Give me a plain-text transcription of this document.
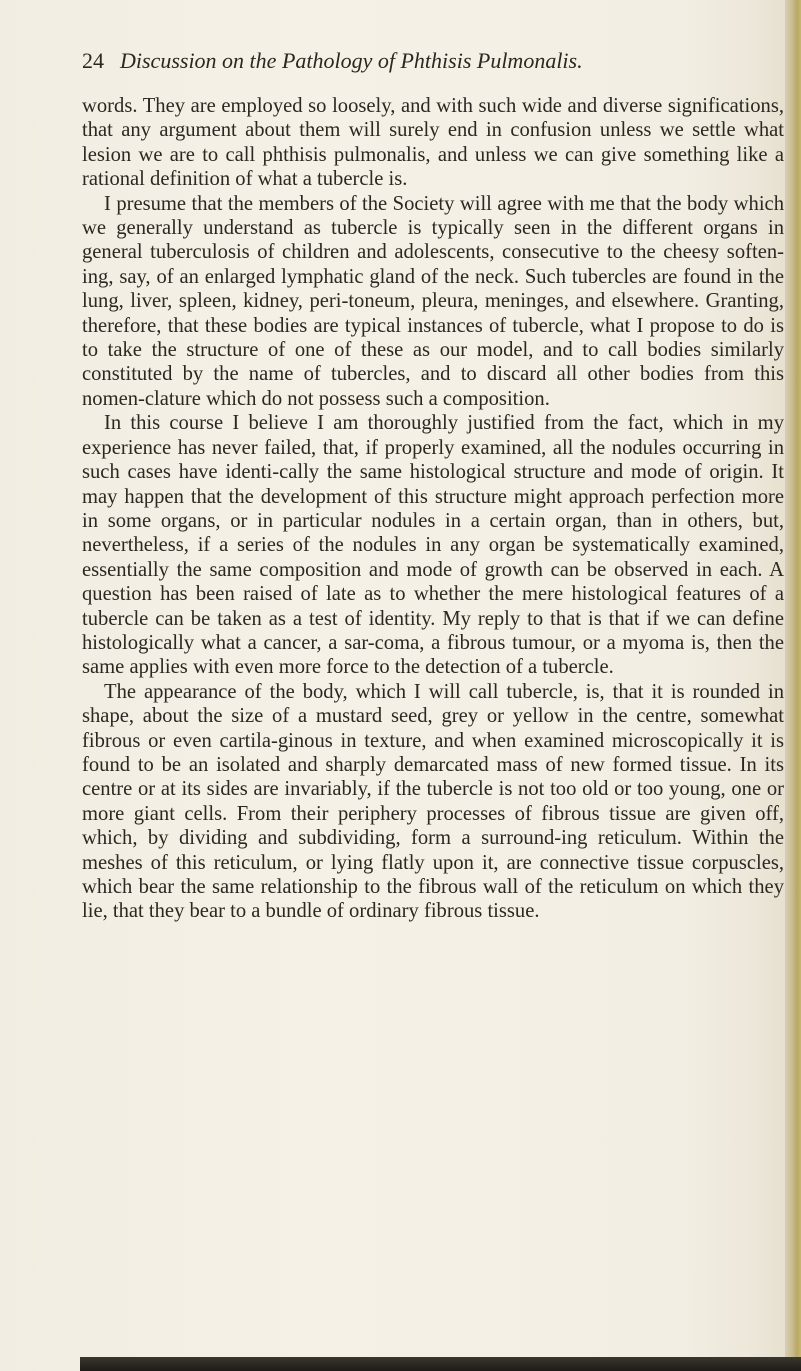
24 Discussion on the Pathology of Phthisis Pulmonalis.

words. They are employed so loosely, and with such wide and diverse significations, that any argument about them will surely end in confusion unless we settle what lesion we are to call phthisis pulmonalis, and unless we can give something like a rational definition of what a tubercle is.

I presume that the members of the Society will agree with me that the body which we generally understand as tubercle is typically seen in the different organs in general tuberculosis of children and adolescents, consecutive to the cheesy soften-ing, say, of an enlarged lymphatic gland of the neck. Such tubercles are found in the lung, liver, spleen, kidney, peri-toneum, pleura, meninges, and elsewhere. Granting, therefore, that these bodies are typical instances of tubercle, what I propose to do is to take the structure of one of these as our model, and to call bodies similarly constituted by the name of tubercles, and to discard all other bodies from this nomen-clature which do not possess such a composition.

In this course I believe I am thoroughly justified from the fact, which in my experience has never failed, that, if properly examined, all the nodules occurring in such cases have identi-cally the same histological structure and mode of origin. It may happen that the development of this structure might approach perfection more in some organs, or in particular nodules in a certain organ, than in others, but, nevertheless, if a series of the nodules in any organ be systematically examined, essentially the same composition and mode of growth can be observed in each. A question has been raised of late as to whether the mere histological features of a tubercle can be taken as a test of identity. My reply to that is that if we can define histologically what a cancer, a sar-coma, a fibrous tumour, or a myoma is, then the same applies with even more force to the detection of a tubercle.

The appearance of the body, which I will call tubercle, is, that it is rounded in shape, about the size of a mustard seed, grey or yellow in the centre, somewhat fibrous or even cartila-ginous in texture, and when examined microscopically it is found to be an isolated and sharply demarcated mass of new formed tissue. In its centre or at its sides are invariably, if the tubercle is not too old or too young, one or more giant cells. From their periphery processes of fibrous tissue are given off, which, by dividing and subdividing, form a surround-ing reticulum. Within the meshes of this reticulum, or lying flatly upon it, are connective tissue corpuscles, which bear the same relationship to the fibrous wall of the reticulum on which they lie, that they bear to a bundle of ordinary fibrous tissue.
